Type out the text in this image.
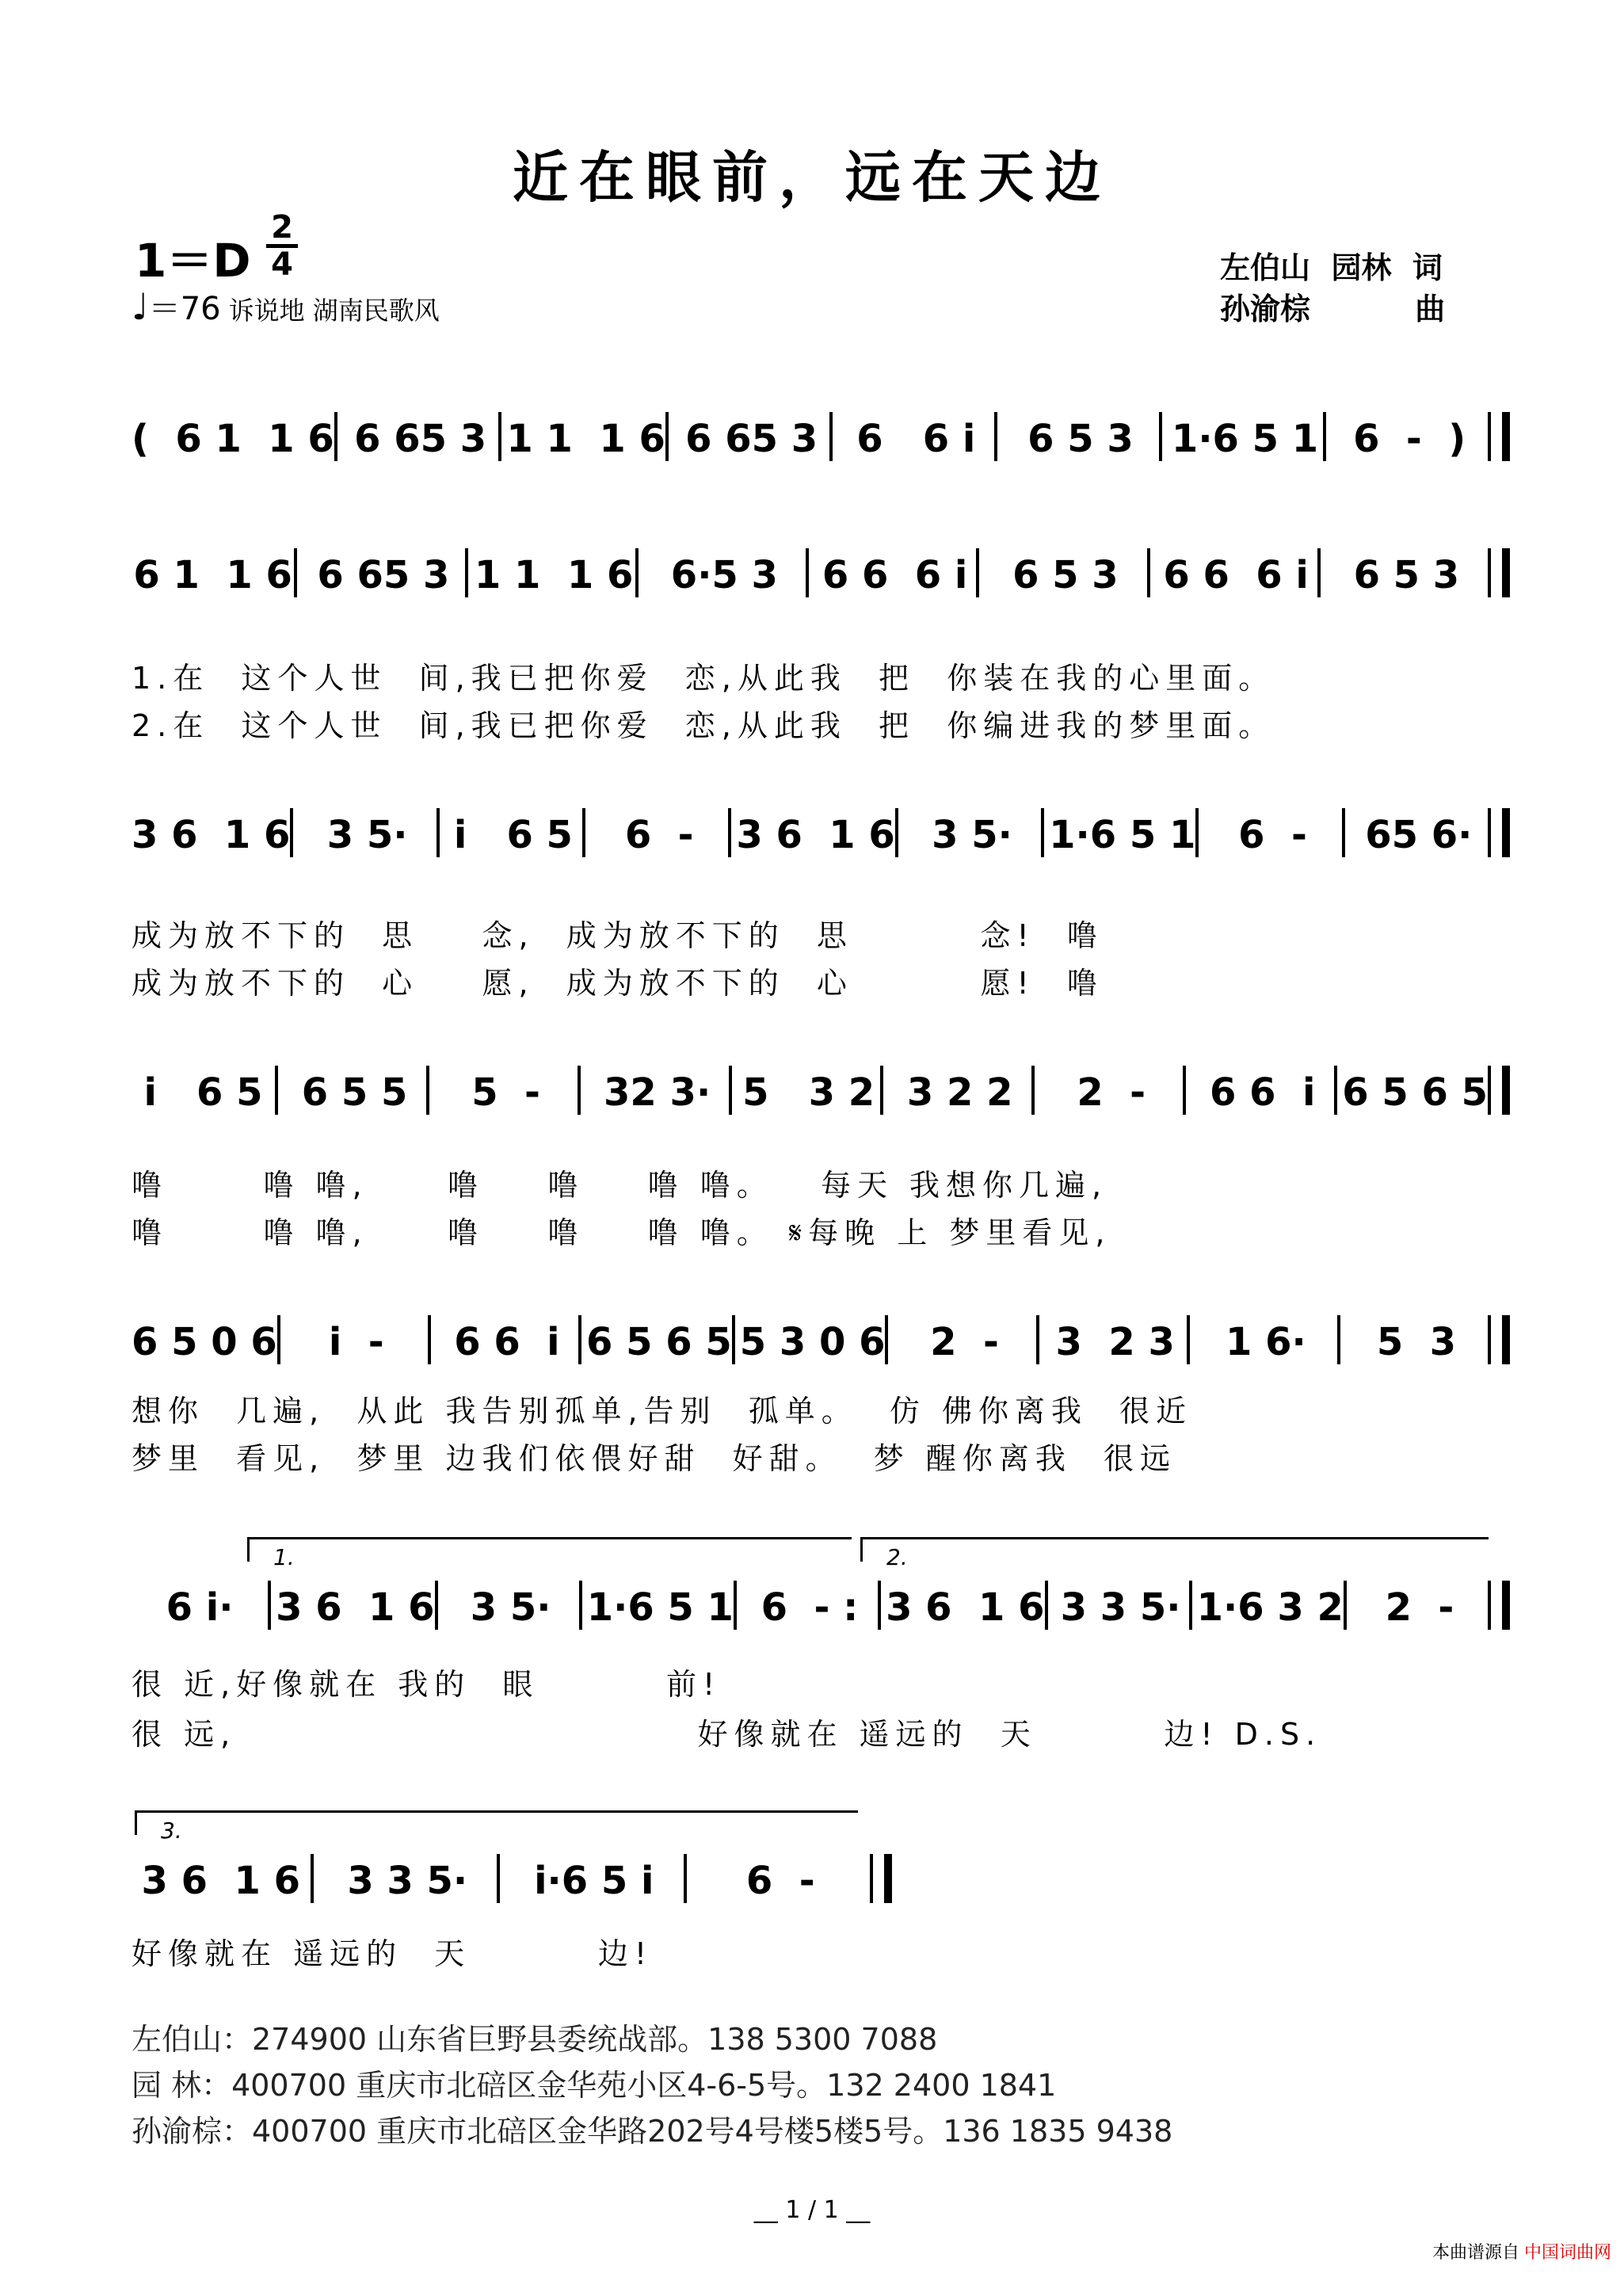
近在眼前，远在天边
1＝D
2
4
♩＝76 诉说地 湖南民歌风
左伯山  园林  词
孙渝棕          曲
(  6 1  1 6 6 65 3 1 1  1 6 6 65 3	6   6 i	6 5 3	1·6 5 1 6  -  )
6 1  1 6 6 65 3 1 1  1 6 6·5 3	6 6  6 i	6 5 3	6 6  6 i	6 5 3
1.在  这个人世  间,我已把你爱  恋,从此我  把  你装在我的心里面。
2.在  这个人世  间,我已把你爱  恋,从此我  把  你编进我的梦里面。
3 6  1 6 3 5·	i   6 5	6  -	3 6  1 6 3 5· 1·6 5 1	6  -	65 6·
成为放不下的  思    念,  成为放不下的  思        念!  噜
成为放不下的  心    愿,  成为放不下的  心        愿!  噜
i   6 5	6 5 5	5  -	32 3· 5   3 2 3 2 2	2  -	6 6  i 6 5 6 5
噜      噜 噜,     噜    噜    噜 噜。   每天 我想你几遍,
噜      噜 噜,     噜    噜    噜 噜。 𝄋每晚 上 梦里看见,
6 5 0 6	i  -	6 6  i 6 5 6 5 5 3 0 6	2  -	3  2 3	1 6·	5  3
想你  几遍,  从此 我告别孤单,告别  孤单。  仿 佛你离我  很近
梦里  看见,  梦里 边我们依偎好甜  好甜。  梦 醒你离我  很远
1.	2.
6 i·	3 6  1 6 3 5· 1·6 5 1 6  - : 3 6  1 6 3 3 5· 1·6 3 2	2  -
很 近,好像就在 我的  眼        前!
很 远,                             好像就在 遥远的  天        边! D.S.
3.
3 6  1 6	3 3 5·	i·6 5 i	6  -
好像就在 遥远的  天        边!
左伯山：274900 山东省巨野县委统战部。138 5300 7088
园 林：400700 重庆市北碚区金华苑小区4-6-5号。132 2400 1841
孙渝棕：400700 重庆市北碚区金华路202号4号楼5楼5号。136 1835 9438
__ 1 / 1 __
本曲谱源自 中国词曲网
